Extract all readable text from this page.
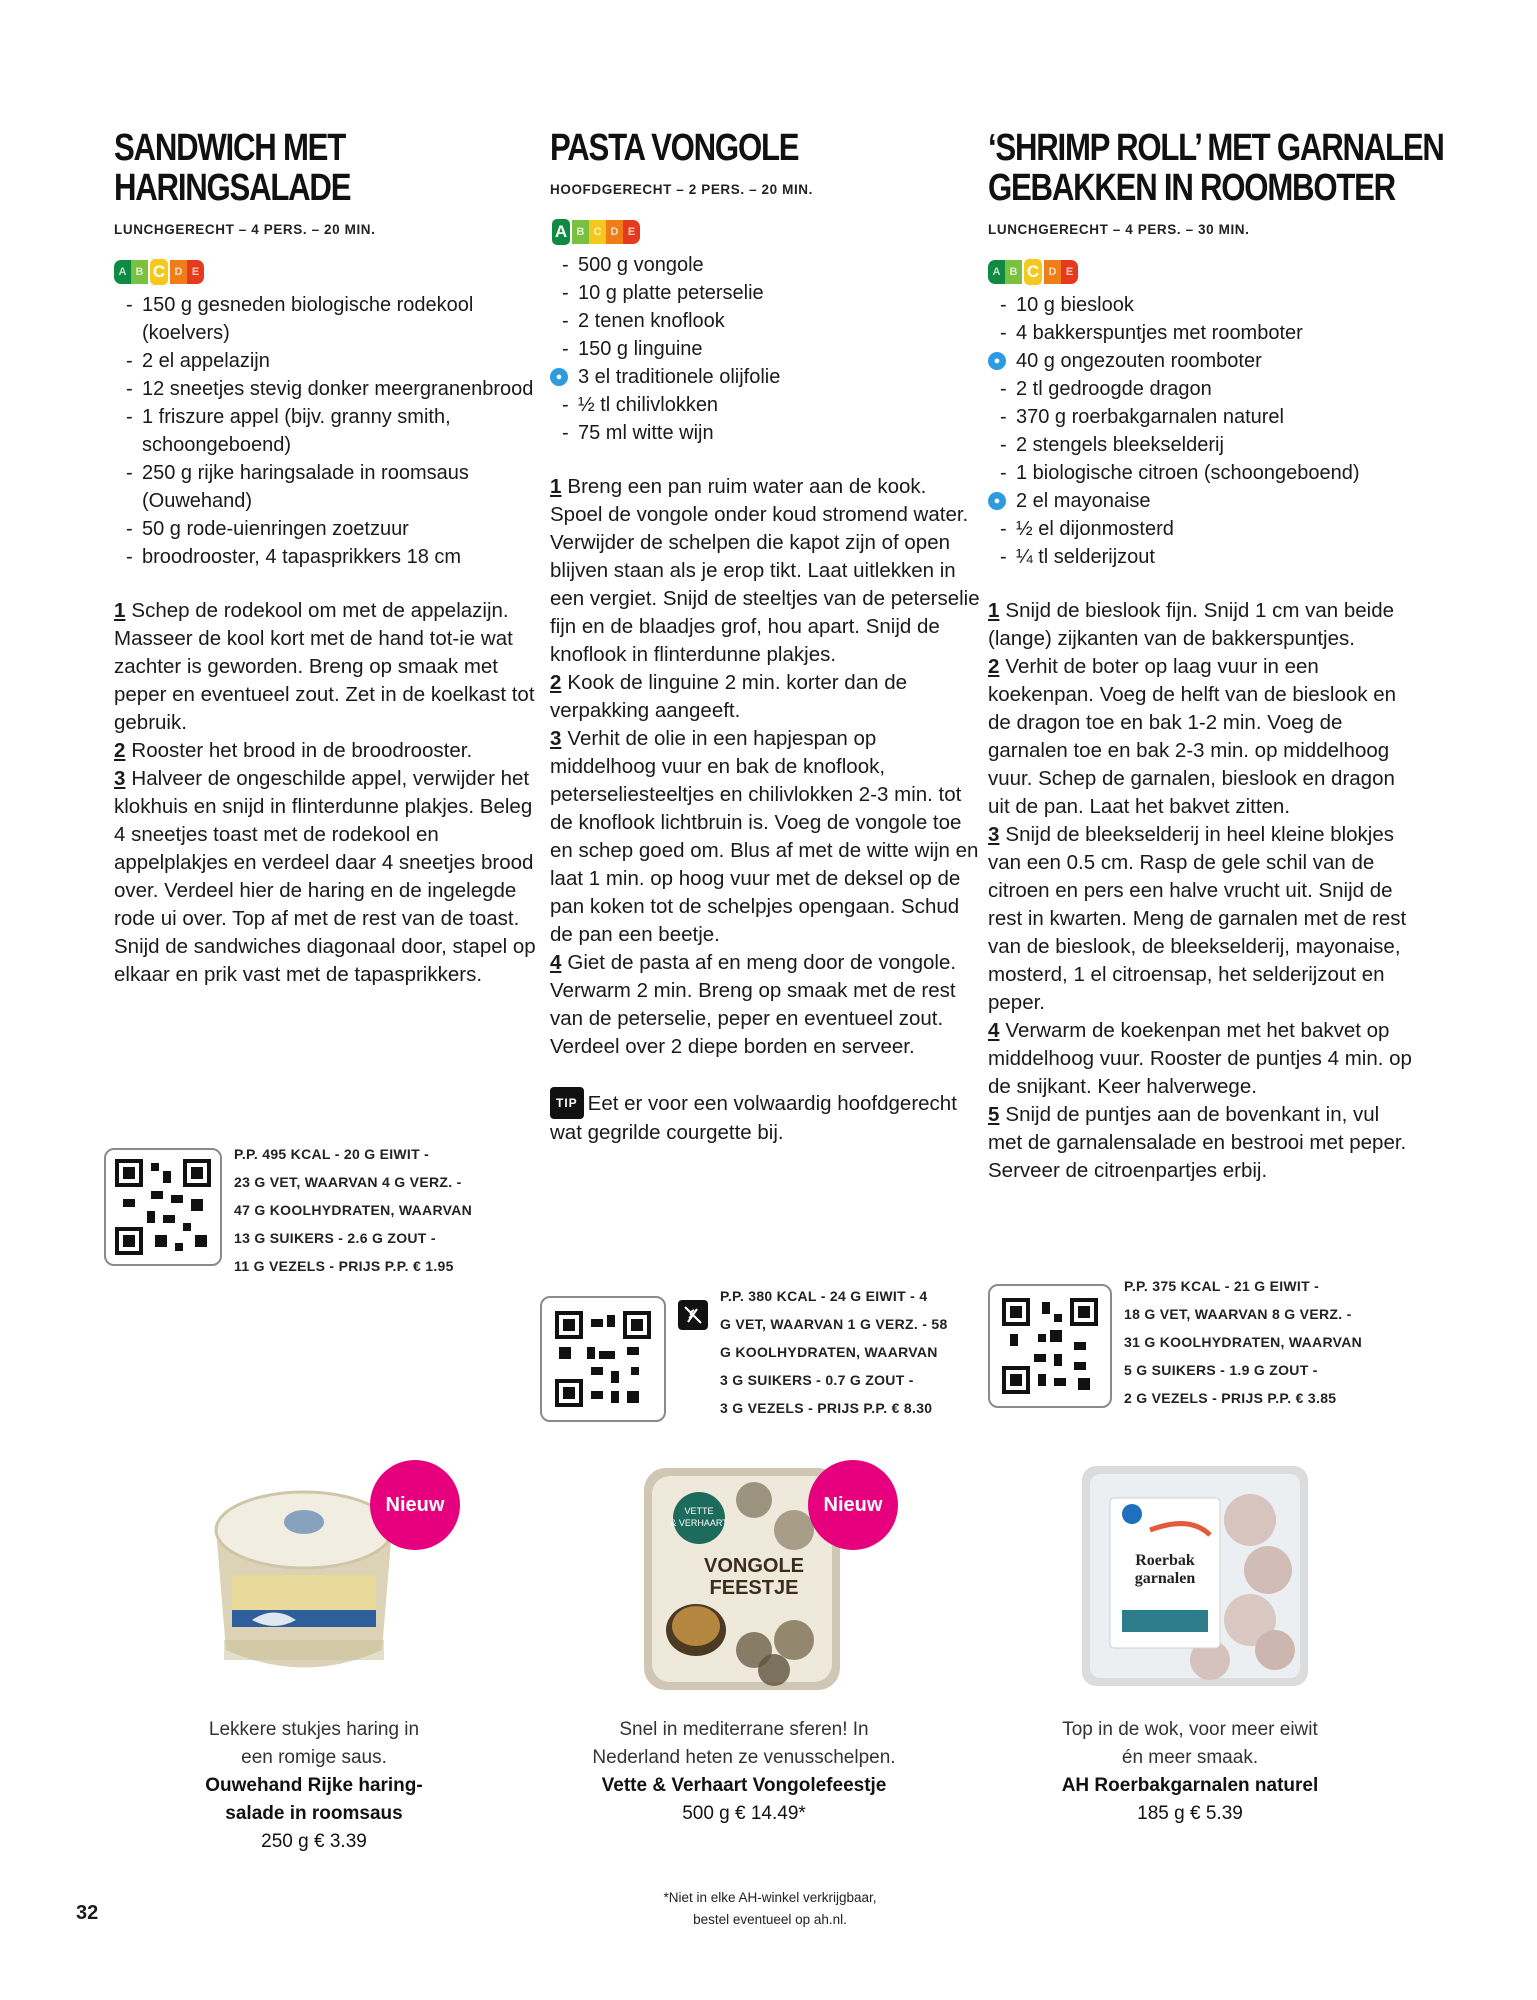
SANDWICH MET
HARINGSALADE
LUNCHGERECHT – 4 PERS. – 20 MIN.
A B C D E
- 150 g gesneden biologische rodekool (koelvers)
- 2 el appelazijn
- 12 sneetjes stevig donker meergranenbrood
- 1 friszure appel (bijv. granny smith, schoongeboend)
- 250 g rijke haringsalade in roomsaus (Ouwehand)
- 50 g rode-uienringen zoetzuur
- broodrooster, 4 tapasprikkers 18 cm

1 Schep de rodekool om met de appelazijn. Masseer de kool kort met de hand tot-ie wat zachter is geworden. Breng op smaak met peper en eventueel zout. Zet in de koelkast tot gebruik.

2 Rooster het brood in de broodrooster.

3 Halveer de ongeschilde appel, verwijder het klokhuis en snijd in flinterdunne plakjes. Beleg 4 sneetjes toast met de rodekool en appelplakjes en verdeel daar 4 sneetjes brood over. Verdeel hier de haring en de ingelegde rode ui over. Top af met de rest van de toast. Snijd de sandwiches diagonaal door, stapel op elkaar en prik vast met de tapasprikkers.

P.P. 495 KCAL - 20 G EIWIT -
23 G VET, WAARVAN 4 G VERZ. -
47 G KOOLHYDRATEN, WAARVAN
13 G SUIKERS - 2.6 G ZOUT -
11 G VEZELS - PRIJS P.P. € 1.95
PASTA VONGOLE
HOOFDGERECHT – 2 PERS. – 20 MIN.
A B C D E
- 500 g vongole
- 10 g platte peterselie
- 2 tenen knoflook
- 150 g linguine
● 3 el traditionele olijfolie
- ½ tl chilivlokken
- 75 ml witte wijn

1 Breng een pan ruim water aan de kook. Spoel de vongole onder koud stromend water. Verwijder de schelpen die kapot zijn of open blijven staan als je erop tikt. Laat uitlekken in een vergiet. Snijd de steeltjes van de peterselie fijn en de blaadjes grof, hou apart. Snijd de knoflook in flinterdunne plakjes.

2 Kook de linguine 2 min. korter dan de verpakking aangeeft.

3 Verhit de olie in een hapjespan op middelhoog vuur en bak de knoflook, peterseliesteeltjes en chilivlokken 2-3 min. tot de knoflook lichtbruin is. Voeg de vongole toe en schep goed om. Blus af met de witte wijn en laat 1 min. op hoog vuur met de deksel op de pan koken tot de schelpjes opengaan. Schud de pan een beetje.

4 Giet de pasta af en meng door de vongole. Verwarm 2 min. Breng op smaak met de rest van de peterselie, peper en eventueel zout. Verdeel over 2 diepe borden en serveer.

TIP Eet er voor een volwaardig hoofdgerecht wat gegrilde courgette bij.
P.P. 380 KCAL - 24 G EIWIT - 4
G VET, WAARVAN 1 G VERZ. - 58
G KOOLHYDRATEN, WAARVAN
3 G SUIKERS - 0.7 G ZOUT -
3 G VEZELS - PRIJS P.P. € 8.30
‘SHRIMP ROLL’ MET GARNALEN
GEBAKKEN IN ROOMBOTER
LUNCHGERECHT – 4 PERS. – 30 MIN.
A B C D E
- 10 g bieslook
- 4 bakkerspuntjes met roomboter
● 40 g ongezouten roomboter
- 2 tl gedroogde dragon
- 370 g roerbakgarnalen naturel
- 2 stengels bleekselderij
- 1 biologische citroen (schoongeboend)
● 2 el mayonaise
- ½ el dijonmosterd
- ¼ tl selderijzout

1 Snijd de bieslook fijn. Snijd 1 cm van beide (lange) zijkanten van de bakkerspuntjes.

2 Verhit de boter op laag vuur in een koekenpan. Voeg de helft van de bieslook en de dragon toe en bak 1-2 min. Voeg de garnalen toe en bak 2-3 min. op middelhoog vuur. Schep de garnalen, bieslook en dragon uit de pan. Laat het bakvet zitten.

3 Snijd de bleekselderij in heel kleine blokjes van een 0.5 cm. Rasp de gele schil van de citroen en pers een halve vrucht uit. Snijd de rest in kwarten. Meng de garnalen met de rest van de bieslook, de bleekselderij, mayonaise, mosterd, 1 el citroensap, het selderijzout en peper.

4 Verwarm de koekenpan met het bakvet op middelhoog vuur. Rooster de puntjes 4 min. op de snijkant. Keer halverwege.

5 Snijd de puntjes aan de bovenkant in, vul met de garnalensalade en bestrooi met peper. Serveer de citroenpartjes erbij.

P.P. 375 KCAL - 21 G EIWIT -
18 G VET, WAARVAN 8 G VERZ. -
31 G KOOLHYDRATEN, WAARVAN
5 G SUIKERS - 1.9 G ZOUT -
2 G VEZELS - PRIJS P.P. € 3.85
Nieuw
Lekkere stukjes haring in
een romige saus.
Ouwehand Rijke haring-
salade in roomsaus
250 g € 3.39
VETTE
& VERHAART
VONGOLE
FEESTJE
Nieuw
Snel in mediterrane sferen! In
Nederland heten ze venusschelpen.
Vette & Verhaart Vongolefeestje
500 g € 14.49*
Roerbak
garnalen
Top in de wok, voor meer eiwit
én meer smaak.
AH Roerbakgarnalen naturel
185 g € 5.39
*Niet in elke AH-winkel verkrijgbaar,
bestel eventueel op ah.nl.
32
